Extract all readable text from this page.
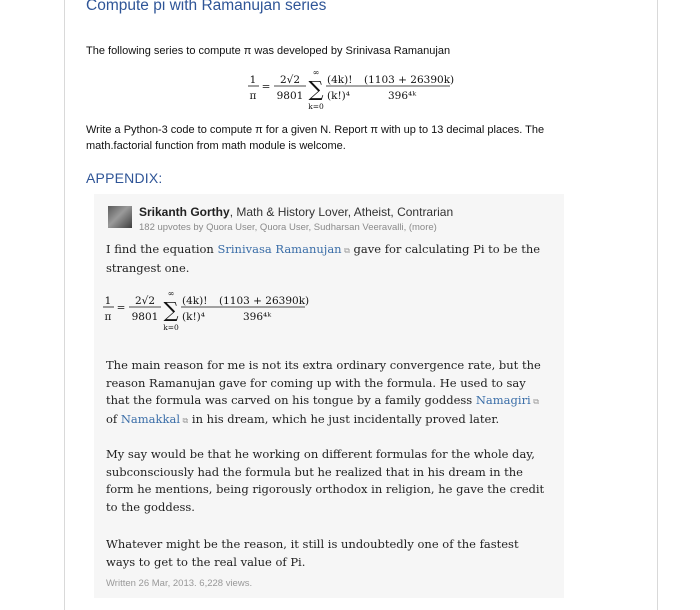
Compute pi with Ramanujan series
The following series to compute π was developed by Srinivasa Ramanujan
1
π
=
2√2
9801
∞
∑
k=0
(4k)! (1103 + 26390k)
(k!)⁴	396⁴ᵏ
Write a Python-3 code to compute π for a given N. Report π with up to 13 decimal places. The math.factorial function from math module is welcome.
APPENDIX:
Srikanth Gorthy, Math & History Lover, Atheist, Contrarian
182 upvotes by Quora User, Quora User, Sudharsan Veeravalli, (more)
I find the equation Srinivasa Ramanujan ⧉ gave for calculating Pi to be the strangest one.
1
π
=
2√2
9801
∞
∑
k=0
(4k)! (1103 + 26390k)
(k!)⁴	396⁴ᵏ
The main reason for me is not its extra ordinary convergence rate, but the reason Ramanujan gave for coming up with the formula. He used to say that the formula was carved on his tongue by a family goddess Namagiri ⧉ of Namakkal ⧉ in his dream, which he just incidentally proved later.
My say would be that he working on different formulas for the whole day, subconsciously had the formula but he realized that in his dream in the form he mentions, being rigorously orthodox in religion, he gave the credit to the goddess.
Whatever might be the reason, it still is undoubtedly one of the fastest ways to get to the real value of Pi.
Written 26 Mar, 2013. 6,228 views.
